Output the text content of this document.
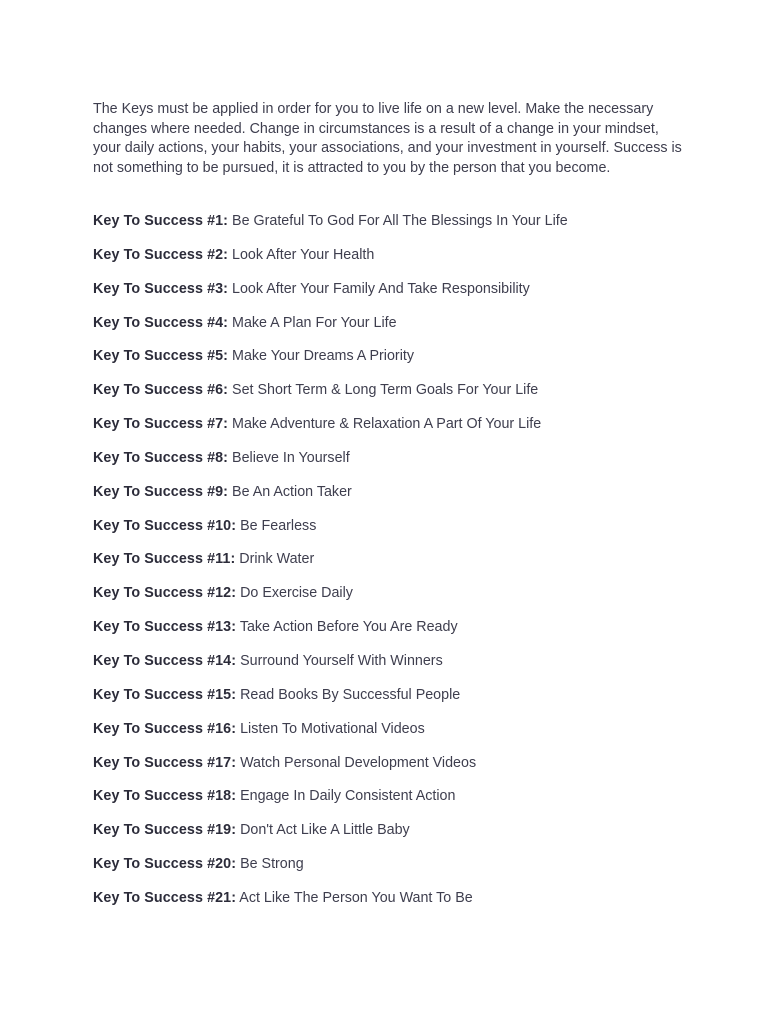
The Keys must be applied in order for you to live life on a new level. Make the necessary changes where needed. Change in circumstances is a result of a change in your mindset, your daily actions, your habits, your associations, and your investment in yourself. Success is not something to be pursued, it is attracted to you by the person that you become.

Key To Success #1: Be Grateful To God For All The Blessings In Your Life
Key To Success #2: Look After Your Health
Key To Success #3: Look After Your Family And Take Responsibility
Key To Success #4: Make A Plan For Your Life
Key To Success #5: Make Your Dreams A Priority
Key To Success #6: Set Short Term & Long Term Goals For Your Life
Key To Success #7: Make Adventure & Relaxation A Part Of Your Life
Key To Success #8: Believe In Yourself
Key To Success #9: Be An Action Taker
Key To Success #10: Be Fearless
Key To Success #11: Drink Water
Key To Success #12: Do Exercise Daily
Key To Success #13: Take Action Before You Are Ready
Key To Success #14: Surround Yourself With Winners
Key To Success #15: Read Books By Successful People
Key To Success #16: Listen To Motivational Videos
Key To Success #17: Watch Personal Development Videos
Key To Success #18: Engage In Daily Consistent Action
Key To Success #19: Don't Act Like A Little Baby
Key To Success #20: Be Strong
Key To Success #21: Act Like The Person You Want To Be
